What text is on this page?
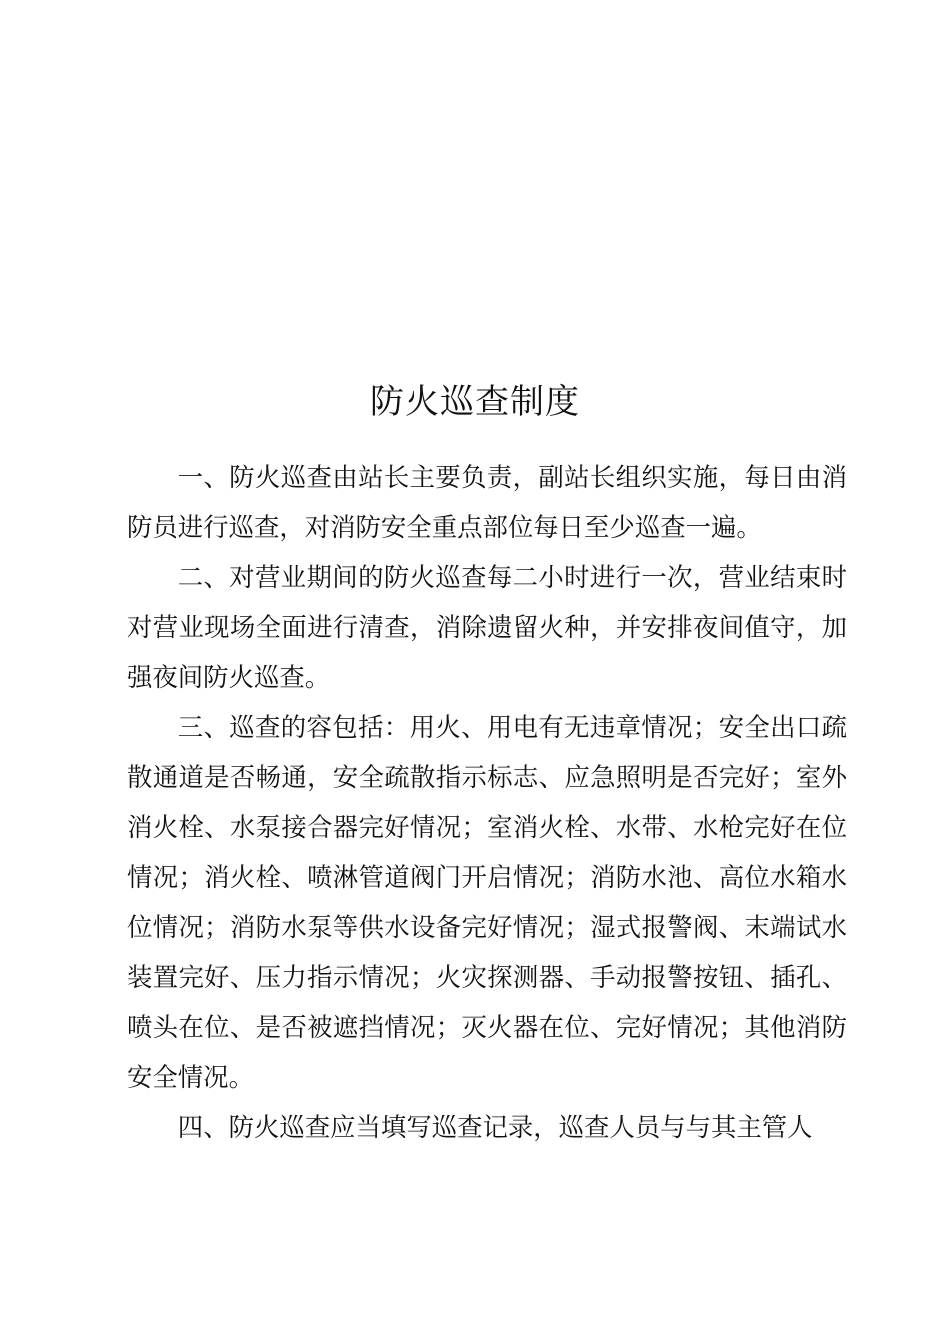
防火巡查制度

一、防火巡查由站长主要负责，副站长组织实施，每日由消防员进行巡查，对消防安全重点部位每日至少巡查一遍。

二、对营业期间的防火巡查每二小时进行一次，营业结束时对营业现场全面进行清查，消除遗留火种，并安排夜间值守，加强夜间防火巡查。

三、巡查的容包括：用火、用电有无违章情况；安全出口疏散通道是否畅通，安全疏散指示标志、应急照明是否完好；室外消火栓、水泵接合器完好情况；室消火栓、水带、水枪完好在位情况；消火栓、喷淋管道阀门开启情况；消防水池、高位水箱水位情况；消防水泵等供水设备完好情况；湿式报警阀、末端试水装置完好、压力指示情况；火灾探测器、手动报警按钮、插孔、喷头在位、是否被遮挡情况；灭火器在位、完好情况；其他消防安全情况。

四、防火巡查应当填写巡查记录，巡查人员与与其主管人
